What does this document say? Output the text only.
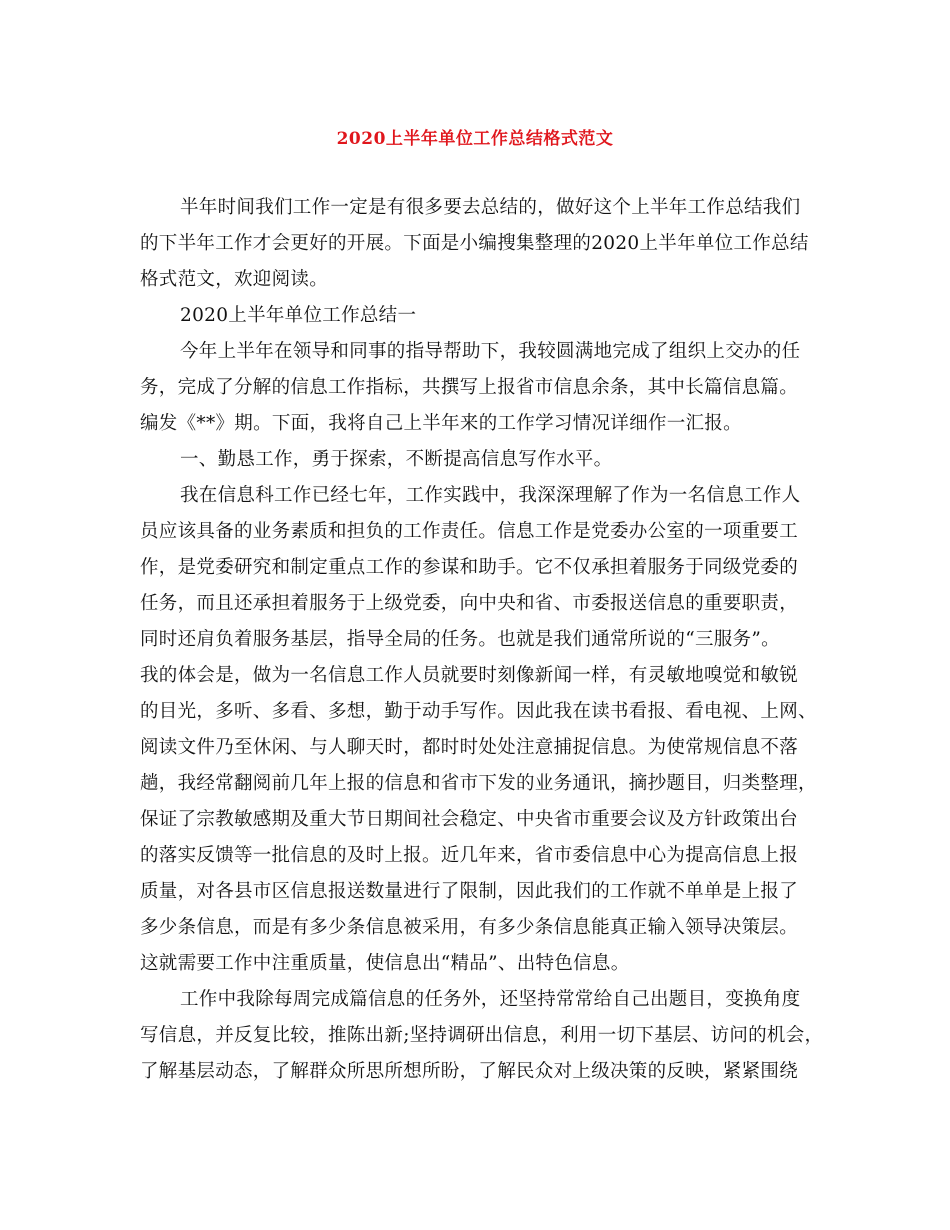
2020上半年单位工作总结格式范文
半年时间我们工作一定是有很多要去总结的，做好这个上半年工作总结我们
的下半年工作才会更好的开展。下面是小编搜集整理的2020上半年单位工作总结
格式范文，欢迎阅读。
2020上半年单位工作总结一
今年上半年在领导和同事的指导帮助下，我较圆满地完成了组织上交办的任
务，完成了分解的信息工作指标，共撰写上报省市信息余条，其中长篇信息篇。
编发《**》期。下面，我将自己上半年来的工作学习情况详细作一汇报。
一、勤恳工作，勇于探索，不断提高信息写作水平。
我在信息科工作已经七年，工作实践中，我深深理解了作为一名信息工作人
员应该具备的业务素质和担负的工作责任。信息工作是党委办公室的一项重要工
作，是党委研究和制定重点工作的参谋和助手。它不仅承担着服务于同级党委的
任务，而且还承担着服务于上级党委，向中央和省、市委报送信息的重要职责，
同时还肩负着服务基层，指导全局的任务。也就是我们通常所说的“三服务”。
我的体会是，做为一名信息工作人员就要时刻像新闻一样，有灵敏地嗅觉和敏锐
的目光，多听、多看、多想，勤于动手写作。因此我在读书看报、看电视、上网、
阅读文件乃至休闲、与人聊天时，都时时处处注意捕捉信息。为使常规信息不落
趟，我经常翻阅前几年上报的信息和省市下发的业务通讯，摘抄题目，归类整理，
保证了宗教敏感期及重大节日期间社会稳定、中央省市重要会议及方针政策出台
的落实反馈等一批信息的及时上报。近几年来，省市委信息中心为提高信息上报
质量，对各县市区信息报送数量进行了限制，因此我们的工作就不单单是上报了
多少条信息，而是有多少条信息被采用，有多少条信息能真正输入领导决策层。
这就需要工作中注重质量，使信息出“精品”、出特色信息。
工作中我除每周完成篇信息的任务外，还坚持常常给自己出题目，变换角度
写信息，并反复比较，推陈出新;坚持调研出信息，利用一切下基层、访问的机会，
了解基层动态，了解群众所思所想所盼，了解民众对上级决策的反映，紧紧围绕
